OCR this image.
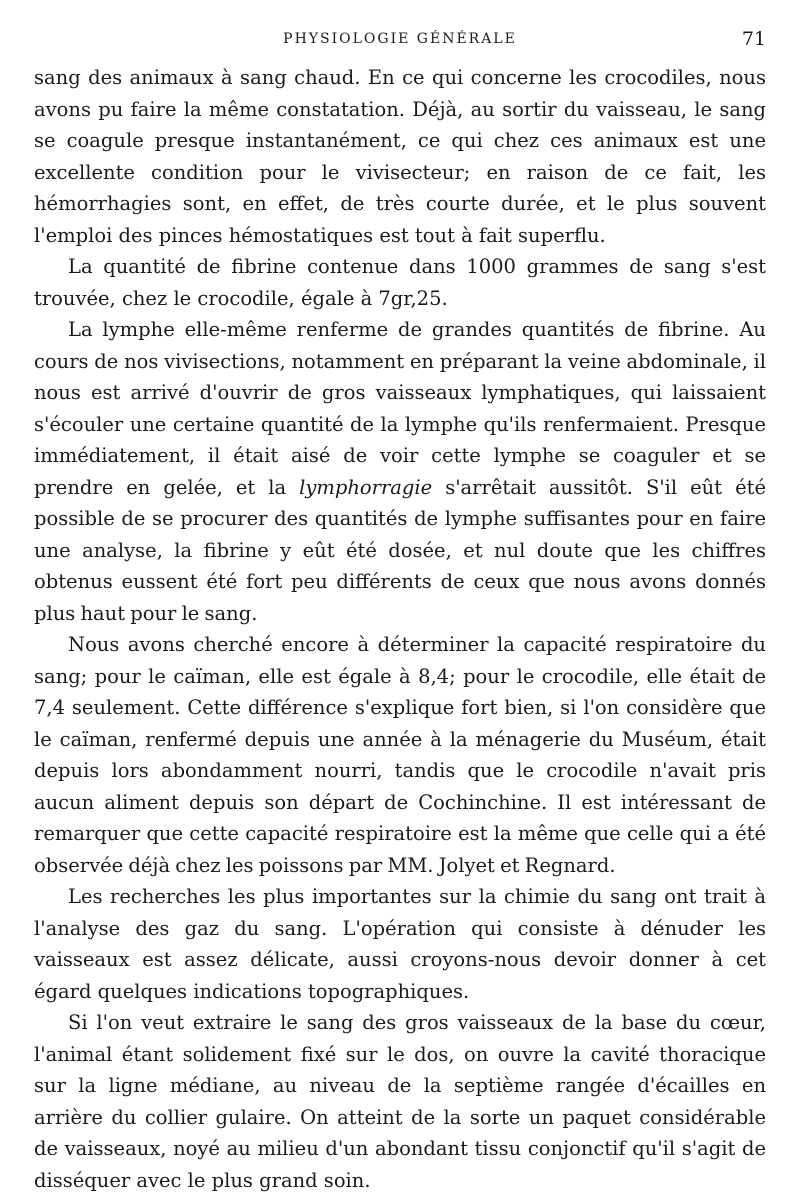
PHYSIOLOGIE GÉNÉRALE	71

sang des animaux à sang chaud. En ce qui concerne les crocodiles, nous avons pu faire la même constatation. Déjà, au sortir du vaisseau, le sang se coagule presque instantanément, ce qui chez ces animaux est une excellente condition pour le vivisecteur; en raison de ce fait, les hémorrhagies sont, en effet, de très courte durée, et le plus souvent l'emploi des pinces hémostatiques est tout à fait superflu.

La quantité de fibrine contenue dans 1000 grammes de sang s'est trouvée, chez le crocodile, égale à 7gr,25.

La lymphe elle-même renferme de grandes quantités de fibrine. Au cours de nos vivisections, notamment en préparant la veine abdominale, il nous est arrivé d'ouvrir de gros vaisseaux lymphatiques, qui laissaient s'écouler une certaine quantité de la lymphe qu'ils renfermaient. Presque immédiatement, il était aisé de voir cette lymphe se coaguler et se prendre en gelée, et la lymphorragie s'arrêtait aussitôt. S'il eût été possible de se procurer des quantités de lymphe suffisantes pour en faire une analyse, la fibrine y eût été dosée, et nul doute que les chiffres obtenus eussent été fort peu différents de ceux que nous avons donnés plus haut pour le sang.

Nous avons cherché encore à déterminer la capacité respiratoire du sang; pour le caïman, elle est égale à 8,4; pour le crocodile, elle était de 7,4 seulement. Cette différence s'explique fort bien, si l'on considère que le caïman, renfermé depuis une année à la ménagerie du Muséum, était depuis lors abondamment nourri, tandis que le crocodile n'avait pris aucun aliment depuis son départ de Cochinchine. Il est intéressant de remarquer que cette capacité respiratoire est la même que celle qui a été observée déjà chez les poissons par MM. Jolyet et Regnard.

Les recherches les plus importantes sur la chimie du sang ont trait à l'analyse des gaz du sang. L'opération qui consiste à dénuder les vaisseaux est assez délicate, aussi croyons-nous devoir donner à cet égard quelques indications topographiques.

Si l'on veut extraire le sang des gros vaisseaux de la base du cœur, l'animal étant solidement fixé sur le dos, on ouvre la cavité thoracique sur la ligne médiane, au niveau de la septième rangée d'écailles en arrière du collier gulaire. On atteint de la sorte un paquet considérable de vaisseaux, noyé au milieu d'un abondant tissu conjonctif qu'il s'agit de disséquer avec le plus grand soin.
